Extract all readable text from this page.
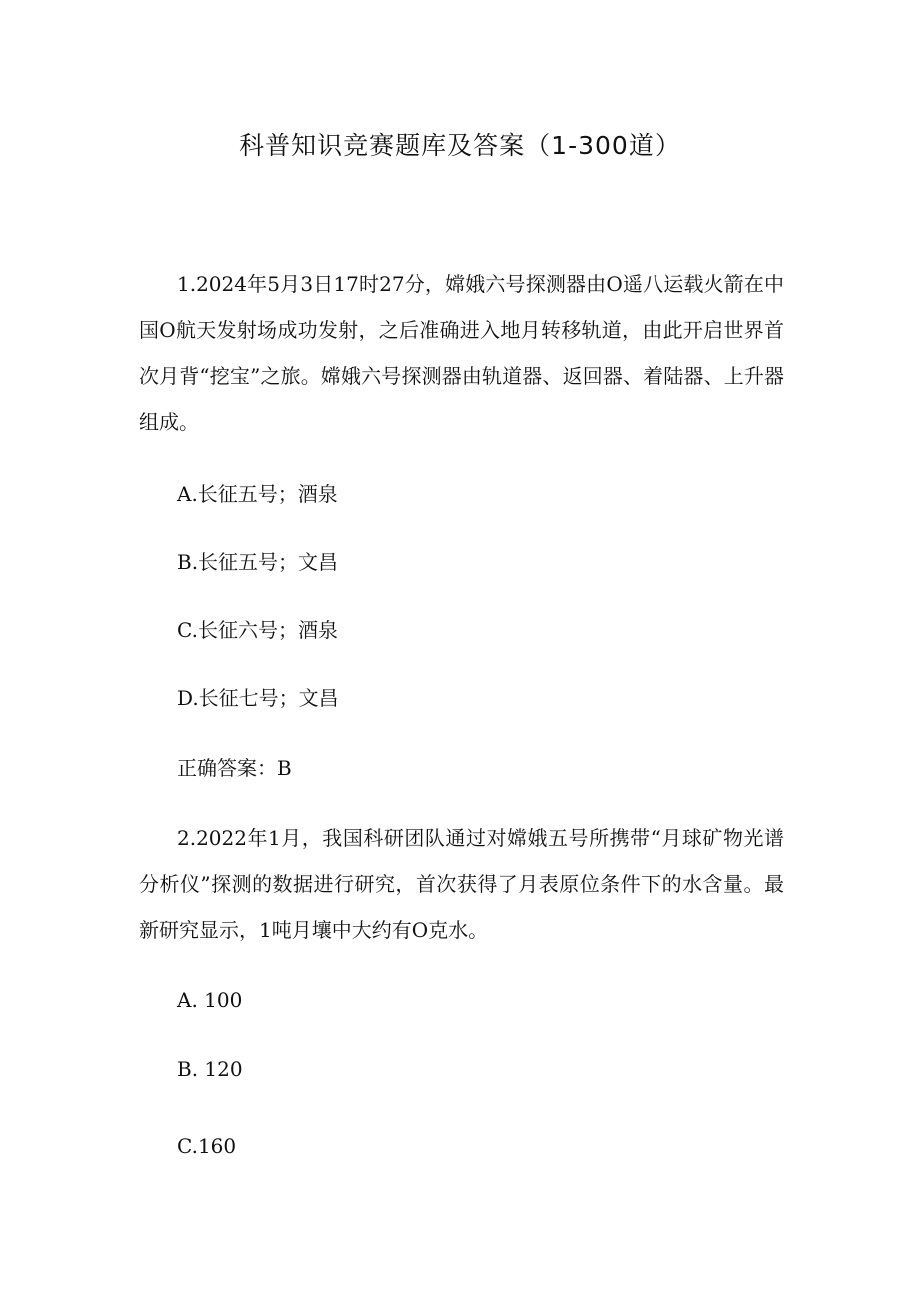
科普知识竞赛题库及答案（1-300道）
1.2024年5月3日17时27分，嫦娥六号探测器由O遥八运载火箭在中国O航天发射场成功发射，之后准确进入地月转移轨道，由此开启世界首次月背“挖宝”之旅。嫦娥六号探测器由轨道器、返回器、着陆器、上升器组成。
A.长征五号；酒泉
B.长征五号；文昌
C.长征六号；酒泉
D.长征七号；文昌
正确答案：B
2.2022年1月，我国科研团队通过对嫦娥五号所携带“月球矿物光谱分析仪”探测的数据进行研究，首次获得了月表原位条件下的水含量。最新研究显示，1吨月壤中大约有O克水。
A. 100
B. 120
C.160
